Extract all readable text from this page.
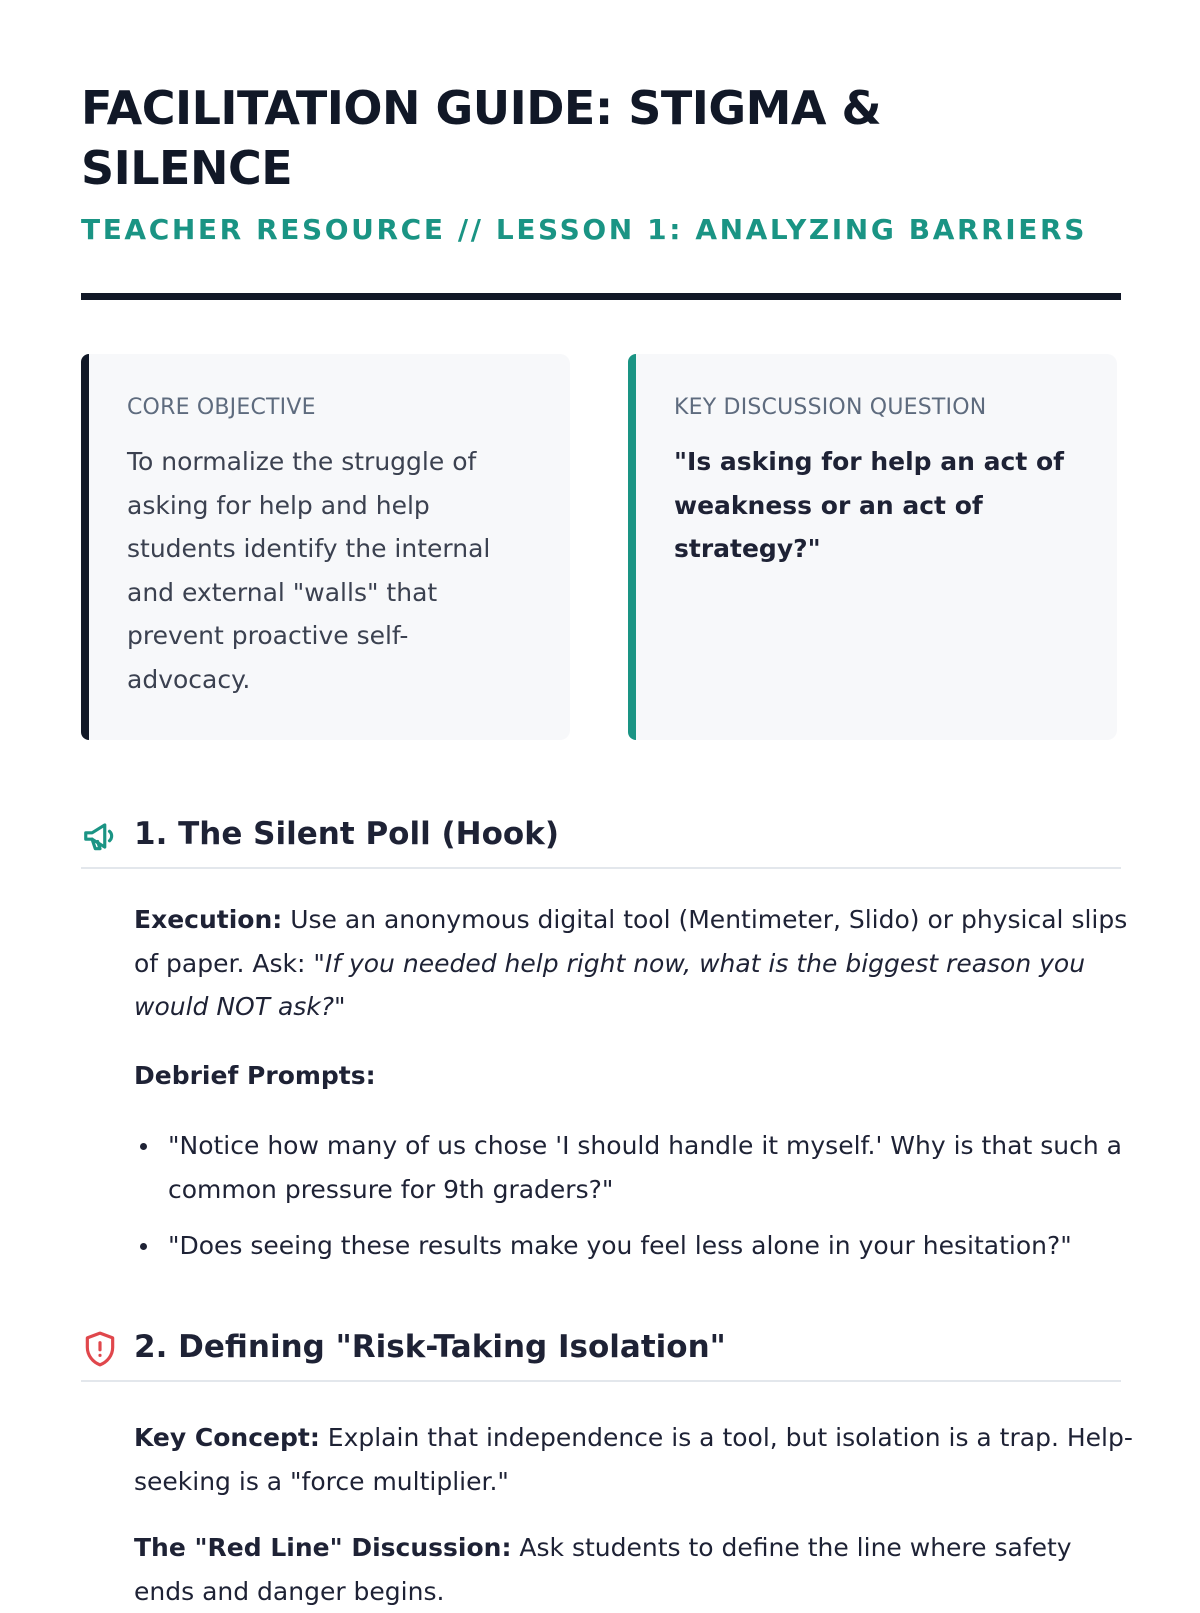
FACILITATION GUIDE: STIGMA &
SILENCE
TEACHER RESOURCE // LESSON 1: ANALYZING BARRIERS
CORE OBJECTIVE
To normalize the struggle of asking for help and help students identify the internal and external "walls" that prevent proactive self-advocacy.
KEY DISCUSSION QUESTION
"Is asking for help an act of weakness or an act of strategy?"
1. The Silent Poll (Hook)

Execution: Use an anonymous digital tool (Mentimeter, Slido) or physical slips of paper. Ask: "If you needed help right now, what is the biggest reason you would NOT ask?"

Debrief Prompts:
"Notice how many of us chose 'I should handle it myself.' Why is that such a common pressure for 9th graders?"
"Does seeing these results make you feel less alone in your hesitation?"
2. Defining "Risk-Taking Isolation"

Key Concept: Explain that independence is a tool, but isolation is a trap. Help-seeking is a "force multiplier."

The "Red Line" Discussion: Ask students to define the line where safety ends and danger begins.
